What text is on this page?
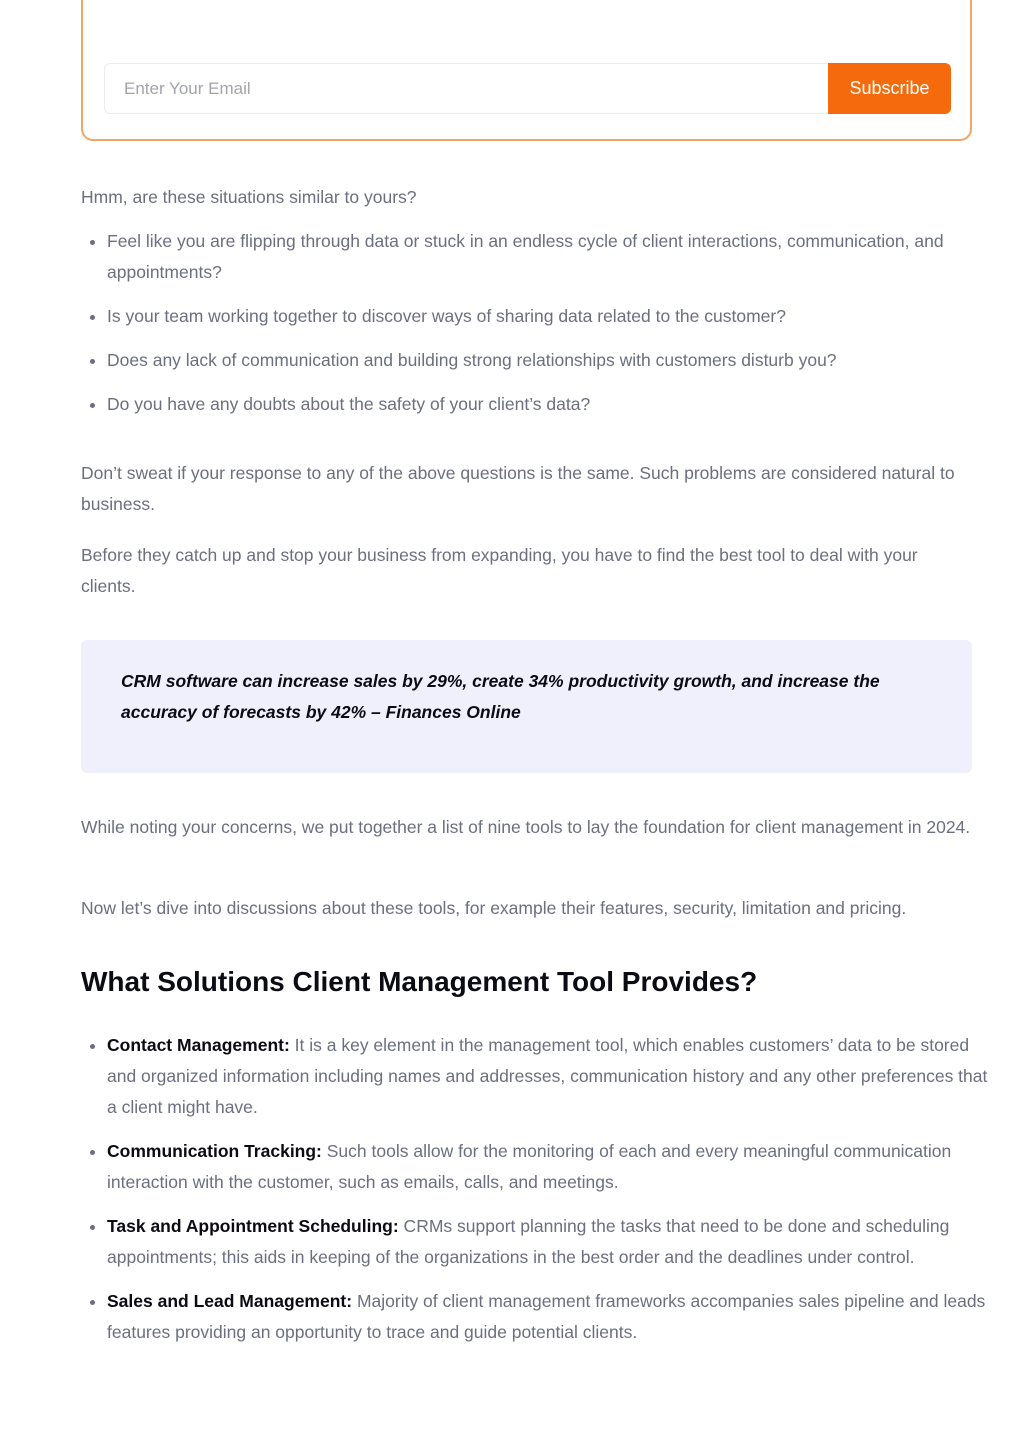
Enter Your Email
Subscribe

Hmm, are these situations similar to yours?

• Feel like you are flipping through data or stuck in an endless cycle of client interactions, communication, and appointments?
• Is your team working together to discover ways of sharing data related to the customer?
• Does any lack of communication and building strong relationships with customers disturb you?
• Do you have any doubts about the safety of your client’s data?

Don’t sweat if your response to any of the above questions is the same. Such problems are considered natural to business.

Before they catch up and stop your business from expanding, you have to find the best tool to deal with your clients.

CRM software can increase sales by 29%, create 34% productivity growth, and increase the accuracy of forecasts by 42% – Finances Online

While noting your concerns, we put together a list of nine tools to lay the foundation for client management in 2024.

Now let’s dive into discussions about these tools, for example their features, security, limitation and pricing.

What Solutions Client Management Tool Provides?
• Contact Management: It is a key element in the management tool, which enables customers’ data to be stored and organized information including names and addresses, communication history and any other preferences that a client might have.
• Communication Tracking: Such tools allow for the monitoring of each and every meaningful communication interaction with the customer, such as emails, calls, and meetings.
• Task and Appointment Scheduling: CRMs support planning the tasks that need to be done and scheduling appointments; this aids in keeping of the organizations in the best order and the deadlines under control.
• Sales and Lead Management: Majority of client management frameworks accompanies sales pipeline and leads features providing an opportunity to trace and guide potential clients.
